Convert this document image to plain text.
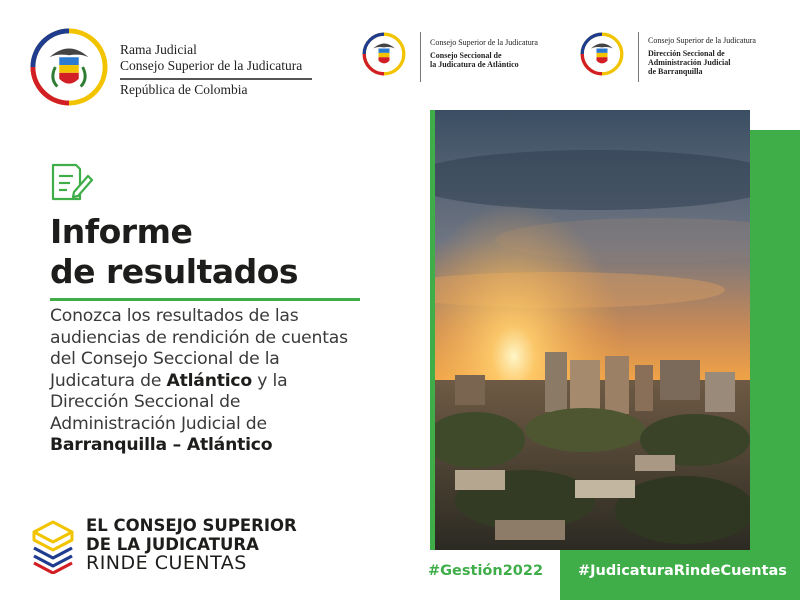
Rama Judicial
Consejo Superior de la Judicatura
República de Colombia
Consejo Superior de la Judicatura
Consejo Seccional de
la Judicatura de Atlántico
Consejo Superior de la Judicatura
Dirección Seccional de
Administración Judicial
de Barranquilla
Informe
de resultados
Conozca los resultados de las audiencias de rendición de cuentas del Consejo Seccional de la Judicatura de Atlántico y la Dirección Seccional de Administración Judicial de Barranquilla – Atlántico
EL CONSEJO SUPERIOR
DE LA JUDICATURA
RINDE CUENTAS	#Gestión2022 #JudicaturaRindeCuentas
